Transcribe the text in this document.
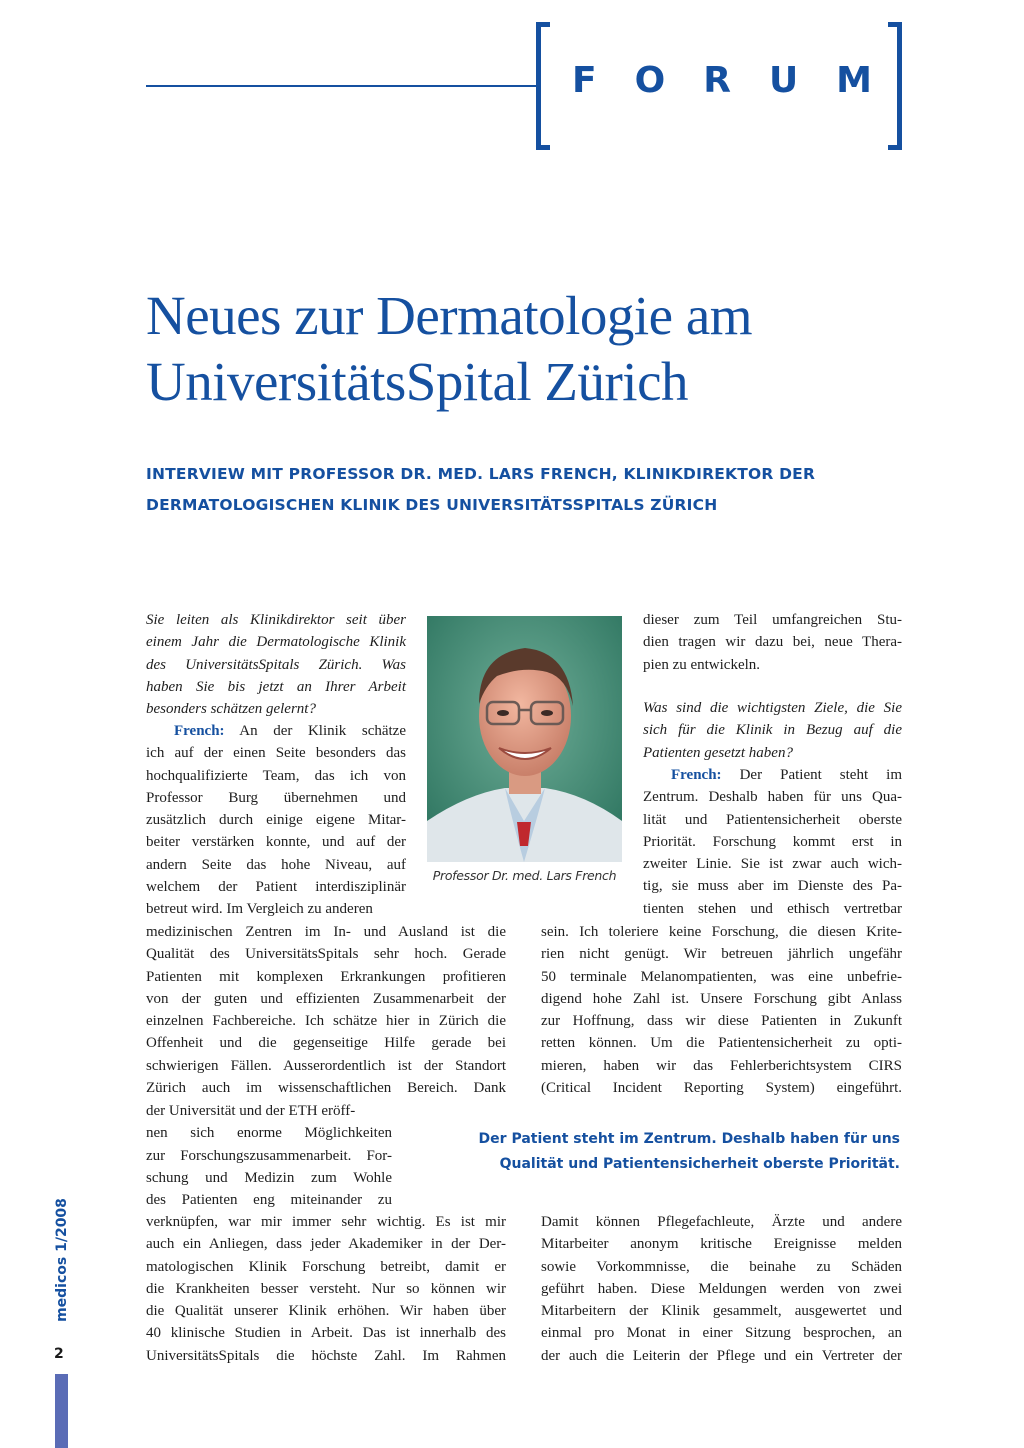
F O R U M
Neues zur Dermatologie am
UniversitätsSpital Zürich
INTERVIEW MIT PROFESSOR DR. MED. LARS FRENCH, KLINIKDIREKTOR DER
DERMATOLOGISCHEN KLINIK DES UNIVERSITÄTSSPITALS ZÜRICH
Sie leiten als Klinikdirektor seit über
einem Jahr die Dermatologische Klinik
des UniversitätsSpitals Zürich. Was
haben Sie bis jetzt an Ihrer Arbeit
besonders schätzen gelernt?
French: An der Klinik schätze
ich auf der einen Seite besonders das
hochqualifizierte Team, das ich von
Professor Burg übernehmen und
zusätzlich durch einige eigene Mitar-
beiter verstärken konnte, und auf der
andern Seite das hohe Niveau, auf
welchem der Patient interdisziplinär
betreut wird. Im Vergleich zu anderen
medizinischen Zentren im In- und Ausland ist die
Qualität des UniversitätsSpitals sehr hoch. Gerade
Patienten mit komplexen Erkrankungen profitieren
von der guten und effizienten Zusammenarbeit der
einzelnen Fachbereiche. Ich schätze hier in Zürich die
Offenheit und die gegenseitige Hilfe gerade bei
schwierigen Fällen. Ausserordentlich ist der Standort
Zürich auch im wissenschaftlichen Bereich. Dank
der Universität und der ETH eröff-
nen sich enorme Möglichkeiten
zur Forschungszusammenarbeit. For-
schung und Medizin zum Wohle
des Patienten eng miteinander zu
verknüpfen, war mir immer sehr wichtig. Es ist mir
auch ein Anliegen, dass jeder Akademiker in der Der-
matologischen Klinik Forschung betreibt, damit er
die Krankheiten besser versteht. Nur so können wir
die Qualität unserer Klinik erhöhen. Wir haben über
40 klinische Studien in Arbeit. Das ist innerhalb des
UniversitätsSpitals die höchste Zahl. Im Rahmen
Professor Dr. med. Lars French
dieser zum Teil umfangreichen Stu-
dien tragen wir dazu bei, neue Thera-
pien zu entwickeln.
Was sind die wichtigsten Ziele, die Sie
sich für die Klinik in Bezug auf die
Patienten gesetzt haben?
French: Der Patient steht im
Zentrum. Deshalb haben für uns Qua-
lität und Patientensicherheit oberste
Priorität. Forschung kommt erst in
zweiter Linie. Sie ist zwar auch wich-
tig, sie muss aber im Dienste des Pa-
tienten stehen und ethisch vertretbar
sein. Ich toleriere keine Forschung, die diesen Krite-
rien nicht genügt. Wir betreuen jährlich ungefähr
50 terminale Melanompatienten, was eine unbefrie-
digend hohe Zahl ist. Unsere Forschung gibt Anlass
zur Hoffnung, dass wir diese Patienten in Zukunft
retten können. Um die Patientensicherheit zu opti-
mieren, haben wir das Fehlerberichtsystem CIRS
(Critical Incident Reporting System) eingeführt.
Der Patient steht im Zentrum. Deshalb haben für uns
Qualität und Patientensicherheit oberste Priorität.
Damit können Pflegefachleute, Ärzte und andere
Mitarbeiter anonym kritische Ereignisse melden
sowie Vorkommnisse, die beinahe zu Schäden
geführt haben. Diese Meldungen werden von zwei
Mitarbeitern der Klinik gesammelt, ausgewertet und
einmal pro Monat in einer Sitzung besprochen, an
der auch die Leiterin der Pflege und ein Vertreter der
medicos 1/2008
2
